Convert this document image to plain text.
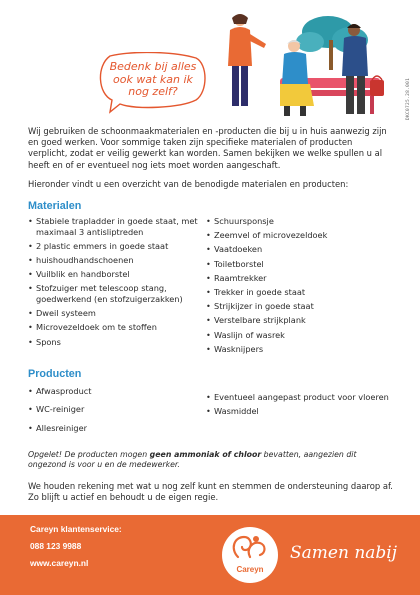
DKC0725.28.001
Bedenk bij alles ook wat kan ik nog zelf?

Wij gebruiken de schoonmaakmaterialen en -producten die bij u in huis aanwezig zijn en goed werken. Voor sommige taken zijn specifieke materialen of producten verplicht, zodat er veilig gewerkt kan worden. Samen bekijken we welke spullen u al heeft en of er eventueel nog iets moet worden aangeschaft.

Hieronder vindt u een overzicht van de benodigde materialen en producten:

Materialen
• Stabiele trapladder in goede staat, met maximaal 3 antisliptreden
• 2 plastic emmers in goede staat
• huishoudhandschoenen
• Vuilblik en handborstel
• Stofzuiger met telescoop stang, goedwerkend (en stofzuigerzakken)
• Dweil systeem
• Microvezeldoek om te stoffen
• Spons
• Schuursponsje
• Zeemvel of microvezeldoek
• Vaatdoeken
• Toiletborstel
• Raamtrekker
• Trekker in goede staat
• Strijkijzer in goede staat
• Verstelbare strijkplank
• Waslijn of wasrek
• Wasknijpers
Producten
• Afwasproduct
• WC-reiniger
• Allesreiniger
• Eventueel aangepast product voor vloeren
• Wasmiddel

Opgelet! De producten mogen geen ammoniak of chloor bevatten, aangezien dit ongezond is voor u en de medewerker.

We houden rekening met wat u nog zelf kunt en stemmen de ondersteuning daarop af. Zo blijft u actief en behoudt u de eigen regie.

Careyn klantenservice:
088 123 9988
www.careyn.nl
Careyn
Samen nabij
